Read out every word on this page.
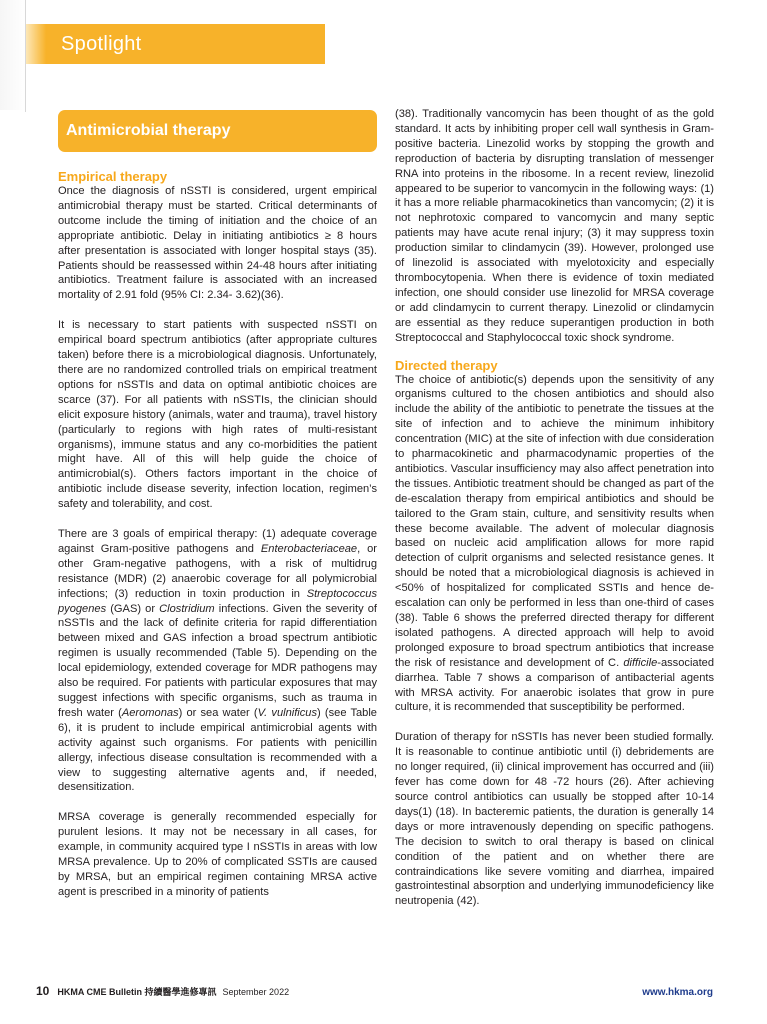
Spotlight
Antimicrobial therapy
Empirical therapy

Once the diagnosis of nSSTI is considered, urgent empirical antimicrobial therapy must be started. Critical determinants of outcome include the timing of initiation and the choice of an appropriate antibiotic. Delay in initiating antibiotics ≥ 8 hours after presentation is associated with longer hospital stays (35). Patients should be reassessed within 24-48 hours after initiating antibiotics. Treatment failure is associated with an increased mortality of 2.91 fold (95% CI: 2.34- 3.62)(36).

It is necessary to start patients with suspected nSSTI on empirical board spectrum antibiotics (after appropriate cultures taken) before there is a microbiological diagnosis. Unfortunately, there are no randomized controlled trials on empirical treatment options for nSSTIs and data on optimal antibiotic choices are scarce (37). For all patients with nSSTIs, the clinician should elicit exposure history (animals, water and trauma), travel history (particularly to regions with high rates of multi-resistant organisms), immune status and any co-morbidities the patient might have. All of this will help guide the choice of antimicrobial(s). Others factors important in the choice of antibiotic include disease severity, infection location, regimen’s safety and tolerability, and cost.

There are 3 goals of empirical therapy: (1) adequate coverage against Gram-positive pathogens and Enterobacteriaceae, or other Gram-negative pathogens, with a risk of multidrug resistance (MDR) (2) anaerobic coverage for all polymicrobial infections; (3) reduction in toxin production in Streptococcus pyogenes (GAS) or Clostridium infections. Given the severity of nSSTIs and the lack of definite criteria for rapid differentiation between mixed and GAS infection a broad spectrum antibiotic regimen is usually recommended (Table 5). Depending on the local epidemiology, extended coverage for MDR pathogens may also be required. For patients with particular exposures that may suggest infections with specific organisms, such as trauma in fresh water (Aeromonas) or sea water (V. vulnificus) (see Table 6), it is prudent to include empirical antimicrobial agents with activity against such organisms. For patients with penicillin allergy, infectious disease consultation is recommended with a view to suggesting alternative agents and, if needed, desensitization.

MRSA coverage is generally recommended especially for purulent lesions. It may not be necessary in all cases, for example, in community acquired type I nSSTIs in areas with low MRSA prevalence. Up to 20% of complicated SSTIs are caused by MRSA, but an empirical regimen containing MRSA active agent is prescribed in a minority of patients

(38). Traditionally vancomycin has been thought of as the gold standard. It acts by inhibiting proper cell wall synthesis in Gram-positive bacteria. Linezolid works by stopping the growth and reproduction of bacteria by disrupting translation of messenger RNA into proteins in the ribosome. In a recent review, linezolid appeared to be superior to vancomycin in the following ways: (1) it has a more reliable pharmacokinetics than vancomycin; (2) it is not nephrotoxic compared to vancomycin and many septic patients may have acute renal injury; (3) it may suppress toxin production similar to clindamycin (39). However, prolonged use of linezolid is associated with myelotoxicity and especially thrombocytopenia. When there is evidence of toxin mediated infection, one should consider use linezolid for MRSA coverage or add clindamycin to current therapy. Linezolid or clindamycin are essential as they reduce superantigen production in both Streptococcal and Staphylococcal toxic shock syndrome.

Directed therapy

The choice of antibiotic(s) depends upon the sensitivity of any organisms cultured to the chosen antibiotics and should also include the ability of the antibiotic to penetrate the tissues at the site of infection and to achieve the minimum inhibitory concentration (MIC) at the site of infection with due consideration to pharmacokinetic and pharmacodynamic properties of the antibiotics. Vascular insufficiency may also affect penetration into the tissues. Antibiotic treatment should be changed as part of the de-escalation therapy from empirical antibiotics and should be tailored to the Gram stain, culture, and sensitivity results when these become available. The advent of molecular diagnosis based on nucleic acid amplification allows for more rapid detection of culprit organisms and selected resistance genes. It should be noted that a microbiological diagnosis is achieved in <50% of hospitalized for complicated SSTIs and hence de-escalation can only be performed in less than one-third of cases (38). Table 6 shows the preferred directed therapy for different isolated pathogens. A directed approach will help to avoid prolonged exposure to broad spectrum antibiotics that increase the risk of resistance and development of C. difficile-associated diarrhea. Table 7 shows a comparison of antibacterial agents with MRSA activity. For anaerobic isolates that grow in pure culture, it is recommended that susceptibility be performed.

Duration of therapy for nSSTIs has never been studied formally. It is reasonable to continue antibiotic until (i) debridements are no longer required, (ii) clinical improvement has occurred and (iii) fever has come down for 48 -72 hours (26). After achieving source control antibiotics can usually be stopped after 10-14 days(1) (18). In bacteremic patients, the duration is generally 14 days or more intravenously depending on specific pathogens. The decision to switch to oral therapy is based on clinical condition of the patient and on whether there are contraindications like severe vomiting and diarrhea, impaired gastrointestinal absorption and underlying immunodeficiency like neutropenia (42).

10 HKMA CME Bulletin 持續醫學進修專訊 September 2022	www.hkma.org
